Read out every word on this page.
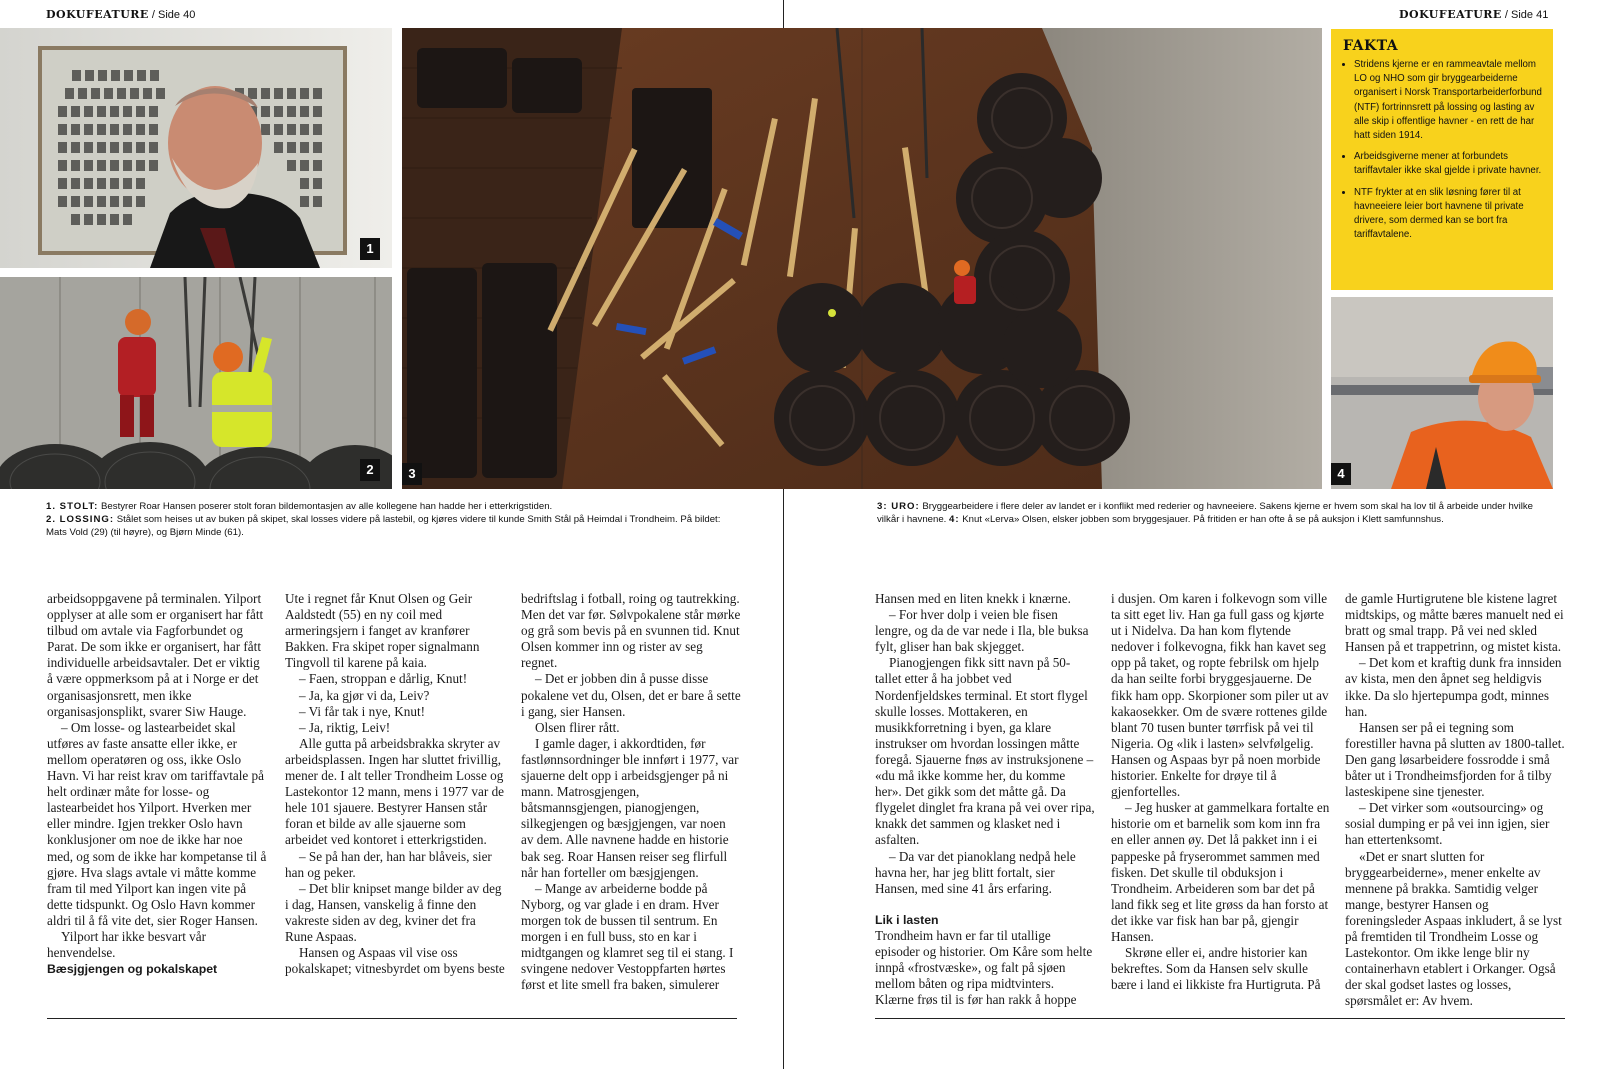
DOKUFEATURE / Side 40	DOKUFEATURE / Side 41
1
2	3
FAKTA
• Stridens kjerne er en rammeavtale mellom LO og NHO som gir bryggearbeiderne organisert i Norsk Transportarbeiderforbund (NTF) fortrinnsrett på lossing og lasting av alle skip i offentlige havner - en rett de har hatt siden 1914.
• Arbeidsgiverne mener at forbundets tariffavtaler ikke skal gjelde i private havner.
• NTF frykter at en slik løsning fører til at havneeiere leier bort havnene til private drivere, som dermed kan se bort fra tariffavtalene.
4
1. STOLT: Bestyrer Roar Hansen poserer stolt foran bildemontasjen av alle kollegene han hadde her i etterkrigstiden.
2. LOSSING: Stålet som heises ut av buken på skipet, skal losses videre på lastebil, og kjøres videre til kunde Smith Stål på Heimdal i Trondheim. På bildet: Mats Vold (29) (til høyre), og Bjørn Minde (61).
3: URO: Bryggearbeidere i flere deler av landet er i konflikt med rederier og havneeiere. Sakens kjerne er hvem som skal ha lov til å arbeide under hvilke vilkår i havnene. 4: Knut «Lerva» Olsen, elsker jobben som bryggesjauer. På fritiden er han ofte å se på auksjon i Klett samfunnshus.

arbeidsoppgavene på terminalen. Yilport opplyser at alle som er organisert har fått tilbud om avtale via Fagforbundet og Parat. De som ikke er organisert, har fått individuelle arbeidsavtaler. Det er viktig å være oppmerksom på at i Norge er det organisasjonsrett, men ikke organisasjonsplikt, svarer Siw Hauge.

– Om losse- og lastearbeidet skal utføres av faste ansatte eller ikke, er mellom operatøren og oss, ikke Oslo Havn. Vi har reist krav om tariffavtale på helt ordinær måte for losse- og lastearbeidet hos Yilport. Hverken mer eller mindre. Igjen trekker Oslo havn konklusjoner om noe de ikke har noe med, og som de ikke har kompetanse til å gjøre. Hva slags avtale vi måtte komme fram til med Yilport kan ingen vite på dette tidspunkt. Og Oslo Havn kommer aldri til å få vite det, sier Roger Hansen.

Yilport har ikke besvart vår henvendelse.

Bæsjgjengen og pokalskapet

Ute i regnet får Knut Olsen og Geir Aaldstedt (55) en ny coil med armeringsjern i fanget av kranfører Bakken. Fra skipet roper signalmann Tingvoll til karene på kaia.

– Faen, stroppan e dårlig, Knut!

– Ja, ka gjør vi da, Leiv?

– Vi får tak i nye, Knut!

– Ja, riktig, Leiv!

Alle gutta på arbeidsbrakka skryter av arbeidsplassen. Ingen har sluttet frivillig, mener de. I alt teller Trondheim Losse og Lastekontor 12 mann, mens i 1977 var de hele 101 sjauere. Bestyrer Hansen står foran et bilde av alle sjauerne som arbeidet ved kontoret i etterkrigstiden.

– Se på han der, han har blåveis, sier han og peker.

– Det blir knipset mange bilder av deg i dag, Hansen, vanskelig å finne den vakreste siden av deg, kviner det fra Rune Aspaas.

Hansen og Aspaas vil vise oss pokalskapet; vitnesbyrdet om byens beste

bedriftslag i fotball, roing og tautrekking. Men det var før. Sølvpokalene står mørke og grå som bevis på en svunnen tid. Knut Olsen kommer inn og rister av seg regnet.

– Det er jobben din å pusse disse pokalene vet du, Olsen, det er bare å sette i gang, sier Hansen.

Olsen flirer rått.

I gamle dager, i akkordtiden, før fastlønnsordninger ble innført i 1977, var sjauerne delt opp i arbeidsgjenger på ni mann. Matrosgjengen, båtsmannsgjengen, pianogjengen, silkegjengen og bæsjgjengen, var noen av dem. Alle navnene hadde en historie bak seg. Roar Hansen reiser seg flirfull når han forteller om bæsjgjengen.

– Mange av arbeiderne bodde på Nyborg, og var glade i en dram. Hver morgen tok de bussen til sentrum. En morgen i en full buss, sto en kar i midtgangen og klamret seg til ei stang. I svingene nedover Vestoppfarten hørtes først et lite smell fra baken, simulerer

Hansen med en liten knekk i knærne.

– For hver dolp i veien ble fisen lengre, og da de var nede i Ila, ble buksa fylt, gliser han bak skjegget.

Pianogjengen fikk sitt navn på 50-tallet etter å ha jobbet ved Nordenfjeldskes terminal. Et stort flygel skulle losses. Mottakeren, en musikkforretning i byen, ga klare instrukser om hvordan lossingen måtte foregå. Sjauerne fnøs av instruksjonene – «du må ikke komme her, du komme her». Det gikk som det måtte gå. Da flygelet dinglet fra krana på vei over ripa, knakk det sammen og klasket ned i asfalten.

– Da var det pianoklang nedpå hele havna her, har jeg blitt fortalt, sier Hansen, med sine 41 års erfaring.

Lik i lasten

Trondheim havn er far til utallige episoder og historier. Om Kåre som helte innpå «frostvæske», og falt på sjøen mellom båten og ripa midtvinters. Klærne frøs til is før han rakk å hoppe

i dusjen. Om karen i folkevogn som ville ta sitt eget liv. Han ga full gass og kjørte ut i Nidelva. Da han kom flytende nedover i folkevogna, fikk han kavet seg opp på taket, og ropte febrilsk om hjelp da han seilte forbi bryggesjauerne. De fikk ham opp. Skorpioner som piler ut av kakaosekker. Om de svære rottenes gilde blant 70 tusen bunter tørrfisk på vei til Nigeria. Og «lik i lasten» selvfølgelig. Hansen og Aspaas byr på noen morbide historier. Enkelte for drøye til å gjenfortelles.

– Jeg husker at gammelkara fortalte en historie om et barnelik som kom inn fra en eller annen øy. Det lå pakket inn i ei pappeske på fryserommet sammen med fisken. Det skulle til obduksjon i Trondheim. Arbeideren som bar det på land fikk seg et lite grøss da han forsto at det ikke var fisk han bar på, gjengir Hansen.

Skrøne eller ei, andre historier kan bekreftes. Som da Hansen selv skulle bære i land ei likkiste fra Hurtigruta. På

de gamle Hurtigrutene ble kistene lagret midtskips, og måtte bæres manuelt ned ei bratt og smal trapp. På vei ned skled Hansen på et trappetrinn, og mistet kista.

– Det kom et kraftig dunk fra innsiden av kista, men den åpnet seg heldigvis ikke. Da slo hjertepumpa godt, minnes han.

Hansen ser på ei tegning som forestiller havna på slutten av 1800-tallet. Den gang løsarbeidere fossrodde i små båter ut i Trondheimsfjorden for å tilby lasteskipene sine tjenester.

– Det virker som «outsourcing» og sosial dumping er på vei inn igjen, sier han ettertenksomt.

«Det er snart slutten for bryggearbeiderne», mener enkelte av mennene på brakka. Samtidig velger mange, bestyrer Hansen og foreningsleder Aspaas inkludert, å se lyst på fremtiden til Trondheim Losse og Lastekontor. Om ikke lenge blir ny containerhavn etablert i Orkanger. Også der skal godset lastes og losses, spørsmålet er: Av hvem.
